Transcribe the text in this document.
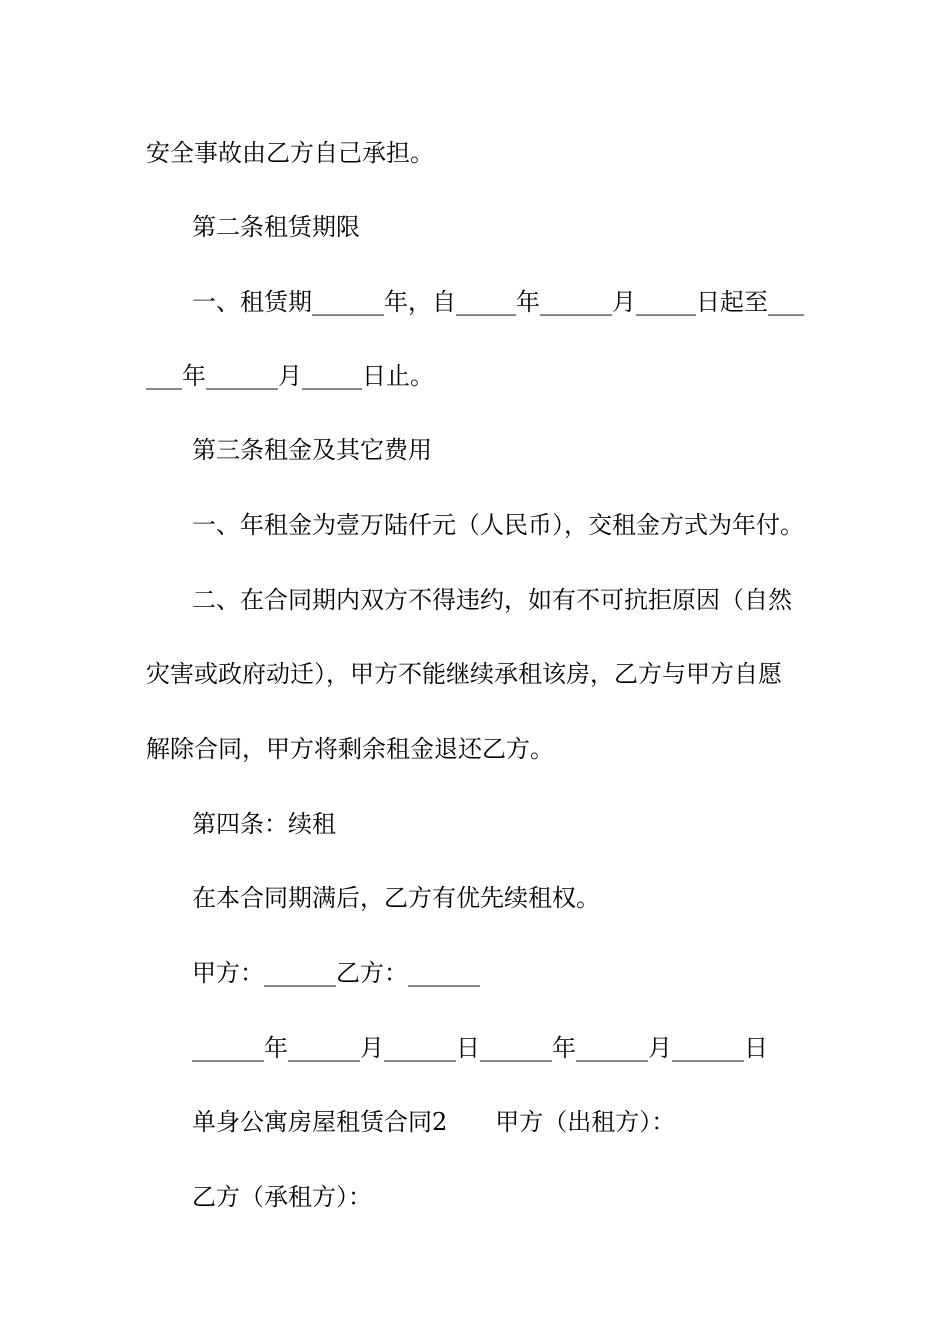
安全事故由乙方自己承担。
第二条租赁期限
一、租赁期______年，自_____年______月_____日起至___
___年______月_____日止。
第三条租金及其它费用
一、年租金为壹万陆仟元（人民币），交租金方式为年付。
二、在合同期内双方不得违约，如有不可抗拒原因（自然
灾害或政府动迁），甲方不能继续承租该房，乙方与甲方自愿
解除合同，甲方将剩余租金退还乙方。
第四条：续租
在本合同期满后，乙方有优先续租权。
甲方：______乙方：______
______年______月______日______年______月______日
单身公寓房屋租赁合同2　　甲方（出租方）：
乙方（承租方）：
